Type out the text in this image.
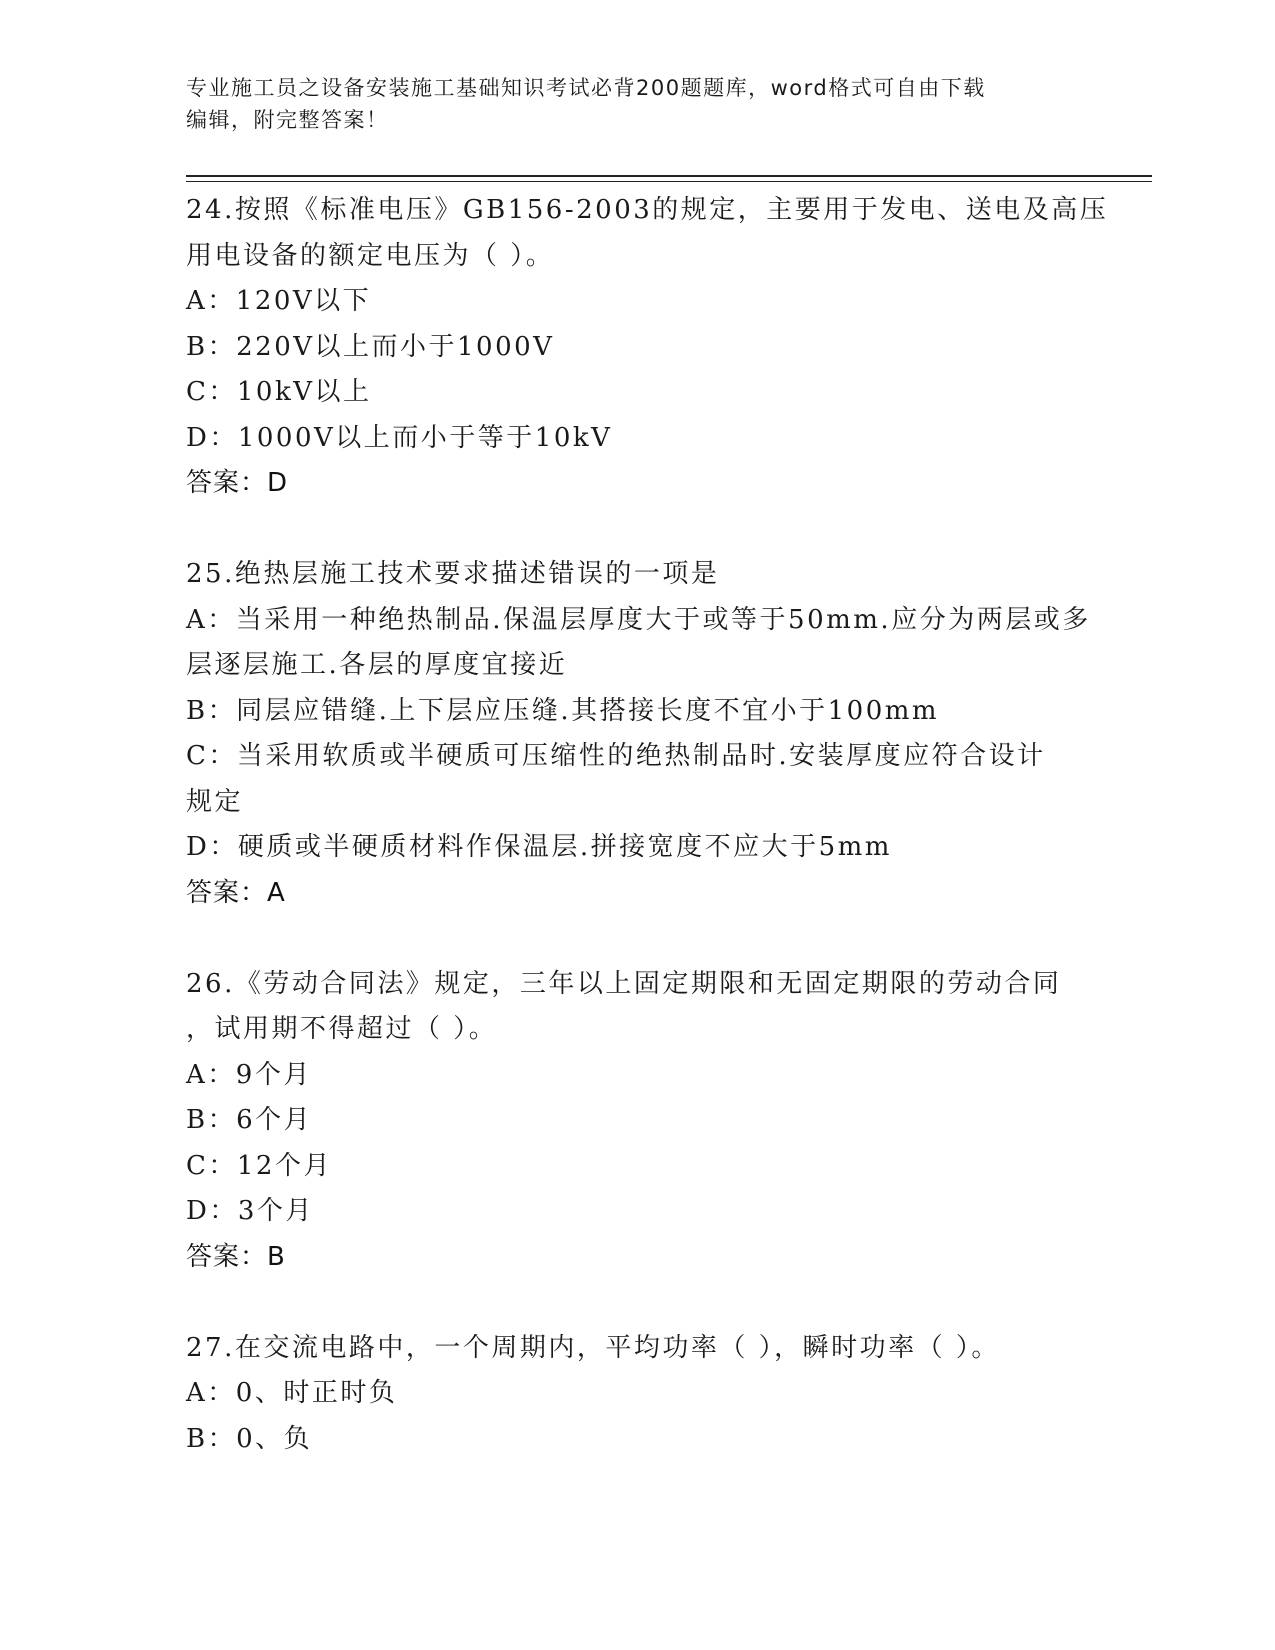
专业施工员之设备安装施工基础知识考试必背200题题库，word格式可自由下载
编辑，附完整答案！
24.按照《标准电压》GB156-2003的规定，主要用于发电、送电及高压
用电设备的额定电压为（ ）。
A：120V以下
B：220V以上而小于1000V
C：10kV以上
D：1000V以上而小于等于10kV
答案：D
25.绝热层施工技术要求描述错误的一项是
A：当采用一种绝热制品.保温层厚度大于或等于50mm.应分为两层或多
层逐层施工.各层的厚度宜接近
B：同层应错缝.上下层应压缝.其搭接长度不宜小于100mm
C：当采用软质或半硬质可压缩性的绝热制品时.安装厚度应符合设计
规定
D：硬质或半硬质材料作保温层.拼接宽度不应大于5mm
答案：A
26.《劳动合同法》规定，三年以上固定期限和无固定期限的劳动合同
，试用期不得超过（ ）。
A：9个月
B：6个月
C：12个月
D：3个月
答案：B
27.在交流电路中，一个周期内，平均功率（ ），瞬时功率（ ）。
A：0、时正时负
B：0、负
